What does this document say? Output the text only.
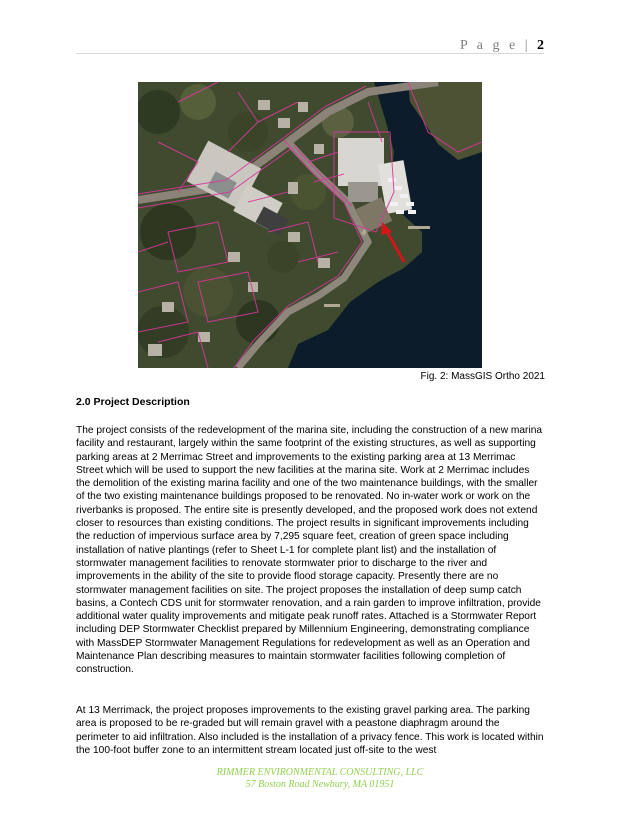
P a g e | 2
Fig. 2: MassGIS Ortho 2021
2.0 Project Description

The project consists of the redevelopment of the marina site, including the construction of a new marina facility and restaurant, largely within the same footprint of the existing structures, as well as supporting parking areas at 2 Merrimac Street and improvements to the existing parking area at 13 Merrimac Street which will be used to support the new facilities at the marina site. Work at 2 Merrimac includes the demolition of the existing marina facility and one of the two maintenance buildings, with the smaller of the two existing maintenance buildings proposed to be renovated. No in-water work or work on the riverbanks is proposed. The entire site is presently developed, and the proposed work does not extend closer to resources than existing conditions. The project results in significant improvements including the reduction of impervious surface area by 7,295 square feet, creation of green space including installation of native plantings (refer to Sheet L-1 for complete plant list) and the installation of stormwater management facilities to renovate stormwater prior to discharge to the river and improvements in the ability of the site to provide flood storage capacity. Presently there are no stormwater management facilities on site. The project proposes the installation of deep sump catch basins, a Contech CDS unit for stormwater renovation, and a rain garden to improve infiltration, provide additional water quality improvements and mitigate peak runoff rates. Attached is a Stormwater Report including DEP Stormwater Checklist prepared by Millennium Engineering, demonstrating compliance with MassDEP Stormwater Management Regulations for redevelopment as well as an Operation and Maintenance Plan describing measures to maintain stormwater facilities following completion of construction.

At 13 Merrimack, the project proposes improvements to the existing gravel parking area. The parking area is proposed to be re-graded but will remain gravel with a peastone diaphragm around the perimeter to aid infiltration. Also included is the installation of a privacy fence. This work is located within the 100-foot buffer zone to an intermittent stream located just off-site to the west

RIMMER ENVIRONMENTAL CONSULTING, LLC
57 Boston Road Newbury, MA 01951
